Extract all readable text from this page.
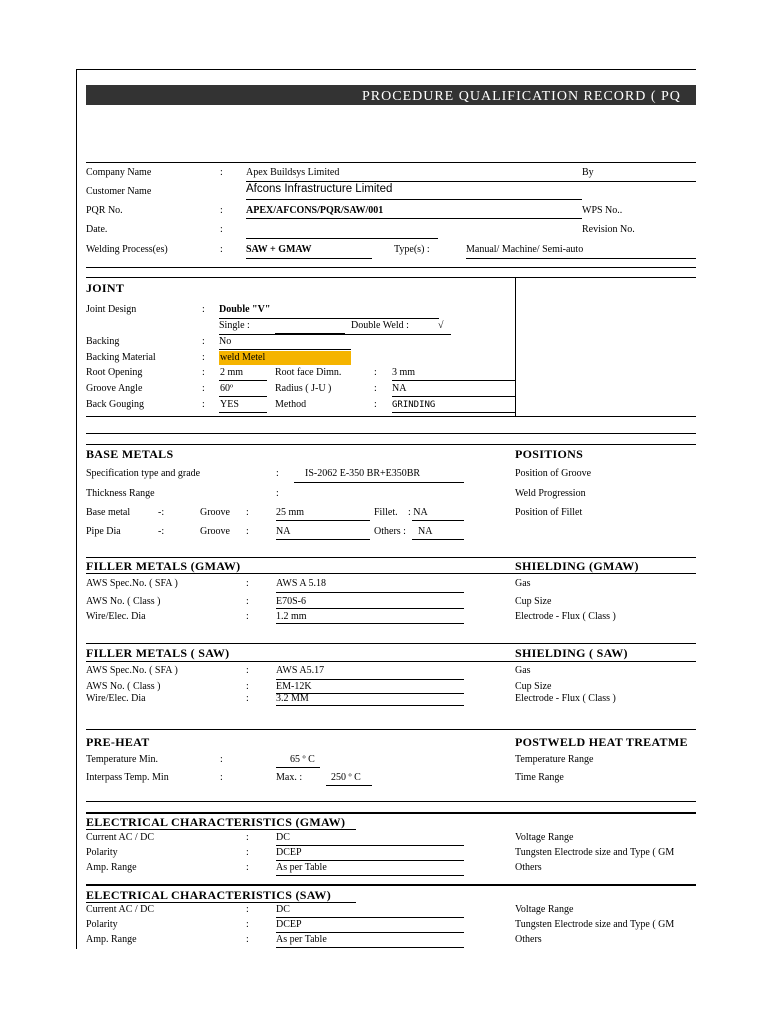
PROCEDURE QUALIFICATION RECORD ( PQ
Company Name	: Apex Buildsys Limited	By
Customer Name	Afcons Infrastructure Limited
PQR No.	: APEX/AFCONS/PQR/SAW/001	WPS No..
Date.	:	Revision No.
Welding Process(es)	: SAW + GMAW	Type(s) :	Manual/ Machine/ Semi-auto
JOINT
Joint Design	: Double "V"
Single :	Double Weld :	√
Backing	: No
Backing Material	: weld Metel
Root Opening	: 2 mm	Root face Dimn.	: 3 mm
Groove Angle	: 60º	Radius ( J-U )	: NA
Back Gouging	: YES	Method	: GRINDING
BASE METALS	POSITIONS
Specification type and grade	:	IS-2062 E-350 BR+E350BR	Position of Groove
Thickness Range	:	Weld Progression
Base metal	-:	Groove :	25 mm	Fillet. : NA	Position of Fillet
Pipe Dia	-:	Groove :	NA	Others : NA
FILLER METALS (GMAW)	SHIELDING (GMAW)
AWS Spec.No. ( SFA )	:	AWS A 5.18	Gas
AWS No. ( Class )	:	E70S-6	Cup Size
Wire/Elec. Dia	:	1.2 mm	Electrode - Flux ( Class )
FILLER METALS ( SAW)	SHIELDING ( SAW)
AWS Spec.No. ( SFA )	:	AWS A5.17	Gas
AWS No. ( Class )	:	EM-12K	Cup Size
Wire/Elec. Dia	:	3.2 MM	Electrode - Flux ( Class )
PRE-HEAT	POSTWELD HEAT TREATME
Temperature Min.	:	65 º C	Temperature Range
Interpass Temp. Min	:	Max. :	250 º C	Time Range
ELECTRICAL CHARACTERISTICS (GMAW)
Current AC / DC	:	DC	Voltage Range
Polarity	:	DCEP	Tungsten Electrode size and Type ( GM
Amp. Range	:	As per Table	Others
ELECTRICAL CHARACTERISTICS (SAW)
Current AC / DC	:	DC	Voltage Range
Polarity	:	DCEP	Tungsten Electrode size and Type ( GM
Amp. Range	:	As per Table	Others
